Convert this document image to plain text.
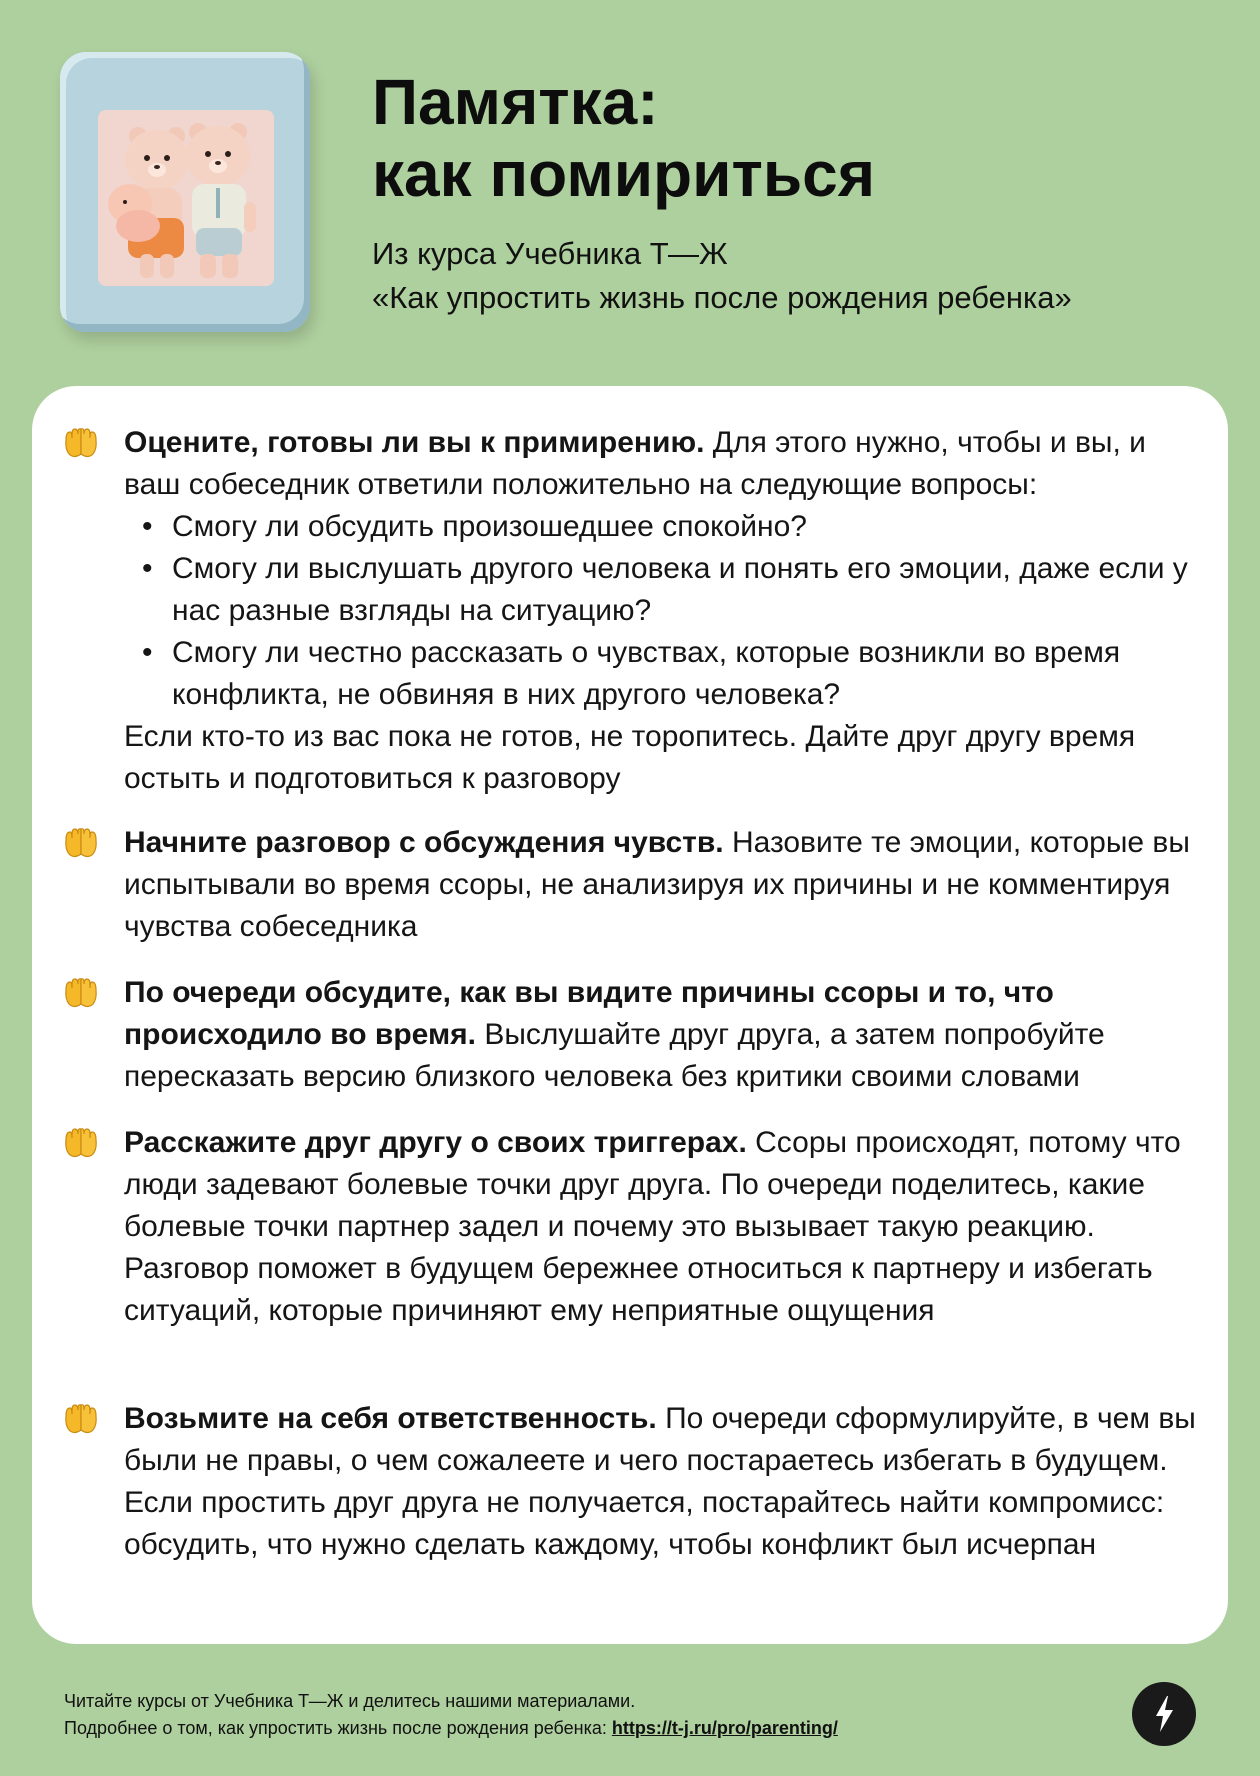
Памятка:
как помириться
Из курса Учебника Т—Ж
«Как упростить жизнь после рождения ребенка»

Оцените, готовы ли вы к примирению. Для этого нужно, чтобы и вы, и ваш собеседник ответили положительно на следующие вопросы:

• Смогу ли обсудить произошедшее спокойно?
• Смогу ли выслушать другого человека и понять его эмоции, даже если у нас разные взгляды на ситуацию?
• Смогу ли честно рассказать о чувствах, которые возникли во время конфликта, не обвиняя в них другого человека?

Если кто-то из вас пока не готов, не торопитесь. Дайте друг другу время остыть и подготовиться к разговору

Начните разговор с обсуждения чувств. Назовите те эмоции, которые вы испытывали во время ссоры, не анализируя их причины и не комментируя чувства собеседника

По очереди обсудите, как вы видите причины ссоры и то, что происходило во время. Выслушайте друг друга, а затем попробуйте пересказать версию близкого человека без критики своими словами

Расскажите друг другу о своих триггерах. Ссоры происходят, потому что люди задевают болевые точки друг друга. По очереди поделитесь, какие болевые точки партнер задел и почему это вызывает такую реакцию. Разговор поможет в будущем бережнее относиться к партнеру и избегать ситуаций, которые причиняют ему неприятные ощущения

Возьмите на себя ответственность. По очереди сформулируйте, в чем вы были не правы, о чем сожалеете и чего постараетесь избегать в будущем. Если простить друг друга не получается, постарайтесь найти компромисс: обсудить, что нужно сделать каждому, чтобы конфликт был исчерпан

Читайте курсы от Учебника Т—Ж и делитесь нашими материалами.
Подробнее о том, как упростить жизнь после рождения ребенка: https://t-j.ru/pro/parenting/
